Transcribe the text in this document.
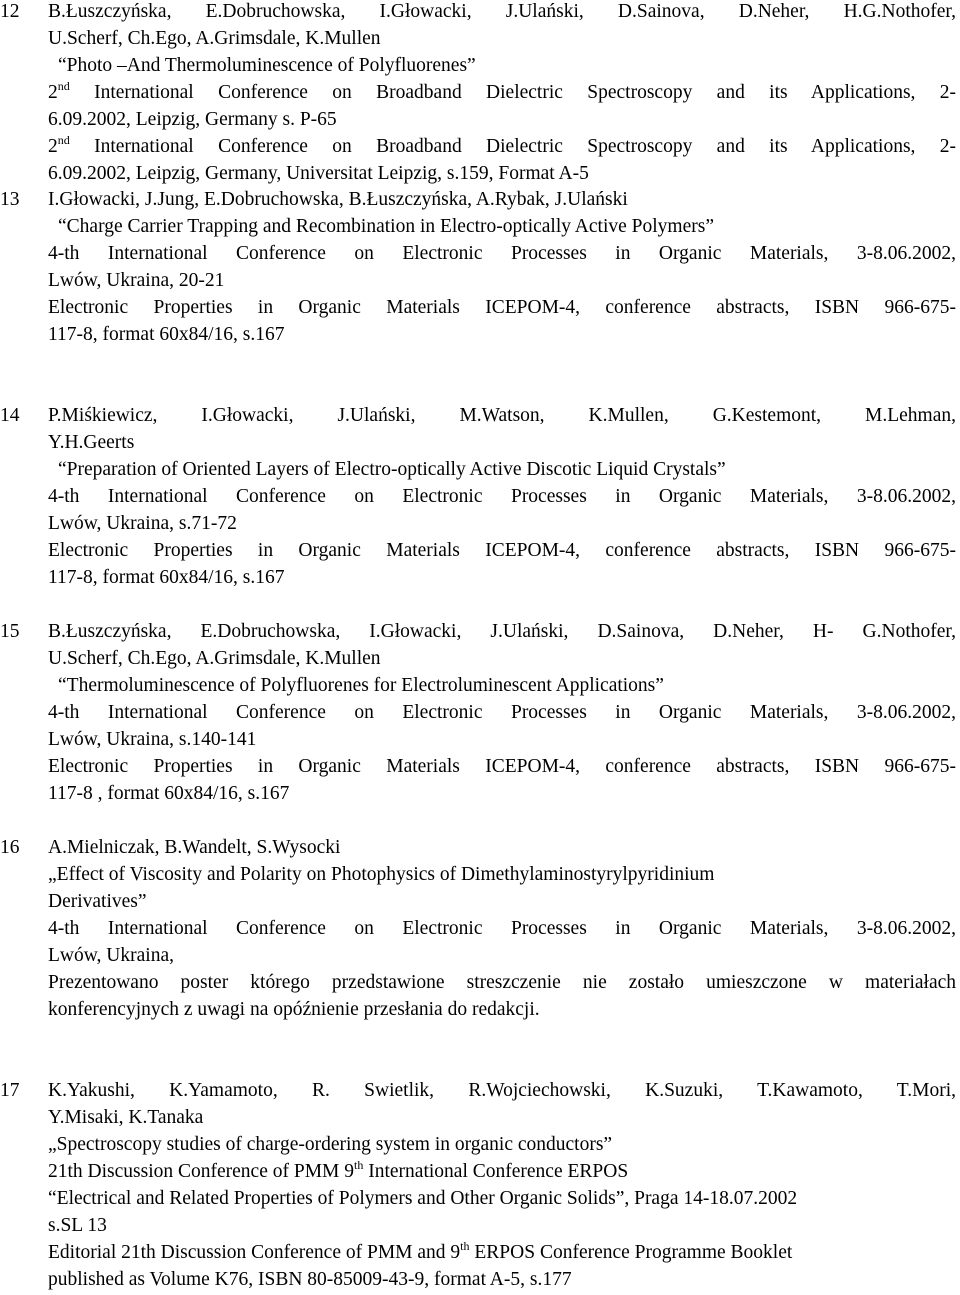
12	B.Łuszczyńska, E.Dobruchowska, I.Głowacki, J.Ulański, D.Sainova, D.Neher, H.G.Nothofer,
U.Scherf, Ch.Ego, A.Grimsdale, K.Mullen
“Photo –And Thermoluminescence of Polyfluorenes”
2nd International Conference on Broadband Dielectric Spectroscopy and its Applications, 2-
6.09.2002, Leipzig, Germany s. P-65
2nd International Conference on Broadband Dielectric Spectroscopy and its Applications, 2-
6.09.2002, Leipzig, Germany, Universitat Leipzig, s.159, Format A-5
13	I.Głowacki, J.Jung, E.Dobruchowska, B.Łuszczyńska, A.Rybak, J.Ulański
“Charge Carrier Trapping and Recombination in Electro-optically Active Polymers”
4-th International Conference on Electronic Processes in Organic Materials, 3-8.06.2002,
Lwów, Ukraina, 20-21
Electronic Properties in Organic Materials ICEPOM-4, conference abstracts, ISBN 966-675-
117-8, format 60x84/16, s.167
14	P.Miśkiewicz, I.Głowacki, J.Ulański, M.Watson, K.Mullen, G.Kestemont, M.Lehman,
Y.H.Geerts
“Preparation of Oriented Layers of Electro-optically Active Discotic Liquid Crystals”
4-th International Conference on Electronic Processes in Organic Materials, 3-8.06.2002,
Lwów, Ukraina, s.71-72
Electronic Properties in Organic Materials ICEPOM-4, conference abstracts, ISBN 966-675-
117-8, format 60x84/16, s.167
15	B.Łuszczyńska, E.Dobruchowska, I.Głowacki, J.Ulański, D.Sainova, D.Neher, H- G.Nothofer,
U.Scherf, Ch.Ego, A.Grimsdale, K.Mullen
“Thermoluminescence of Polyfluorenes for Electroluminescent Applications”
4-th International Conference on Electronic Processes in Organic Materials, 3-8.06.2002,
Lwów, Ukraina, s.140-141
Electronic Properties in Organic Materials ICEPOM-4, conference abstracts, ISBN 966-675-
117-8 , format 60x84/16, s.167
16	A.Mielniczak, B.Wandelt, S.Wysocki
„Effect of Viscosity and Polarity on Photophysics of Dimethylaminostyrylpyridinium
Derivatives”
4-th International Conference on Electronic Processes in Organic Materials, 3-8.06.2002,
Lwów, Ukraina,
Prezentowano poster którego przedstawione streszczenie nie zostało umieszczone w materiałach
konferencyjnych z uwagi na opóźnienie przesłania do redakcji.
17	K.Yakushi, K.Yamamoto, R. Swietlik, R.Wojciechowski, K.Suzuki, T.Kawamoto, T.Mori,
Y.Misaki, K.Tanaka
„Spectroscopy studies of charge-ordering system in organic conductors”
21th Discussion Conference of PMM 9th International Conference ERPOS
“Electrical and Related Properties of Polymers and Other Organic Solids”, Praga 14-18.07.2002
s.SL 13
Editorial 21th Discussion Conference of PMM and 9th ERPOS Conference Programme Booklet
published as Volume K76, ISBN 80-85009-43-9, format A-5, s.177
